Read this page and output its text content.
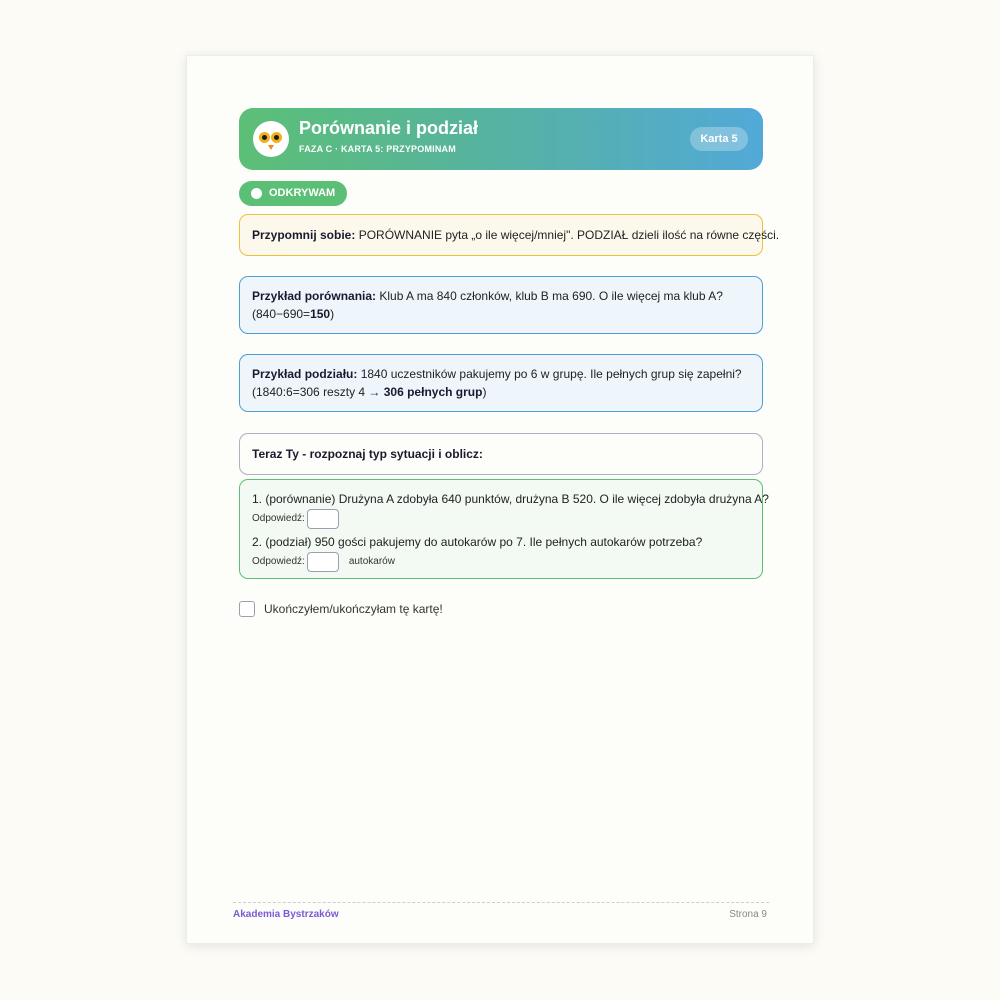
Porównanie i podział
FAZA C · KARTA 5: PRZYPOMINAM
Karta 5
ODKRYWAM
Przypomnij sobie: PORÓWNANIE pyta „o ile więcej/mniej". PODZIAŁ dzieli ilość na równe części.
Przykład porównania: Klub A ma 840 członków, klub B ma 690. O ile więcej ma klub A?
(840−690=150)
Przykład podziału: 1840 uczestników pakujemy po 6 w grupę. Ile pełnych grup się zapełni?
(1840:6=306 reszty 4 → 306 pełnych grup)
Teraz Ty - rozpoznaj typ sytuacji i oblicz:
1. (porównanie) Drużyna A zdobyła 640 punktów, drużyna B 520. O ile więcej zdobyła drużyna A?
Odpowiedź:
2. (podział) 950 gości pakujemy do autokarów po 7. Ile pełnych autokarów potrzeba?
Odpowiedź:	autokarów
Ukończyłem/ukończyłam tę kartę!
Akademia Bystrzaków	Strona 9
